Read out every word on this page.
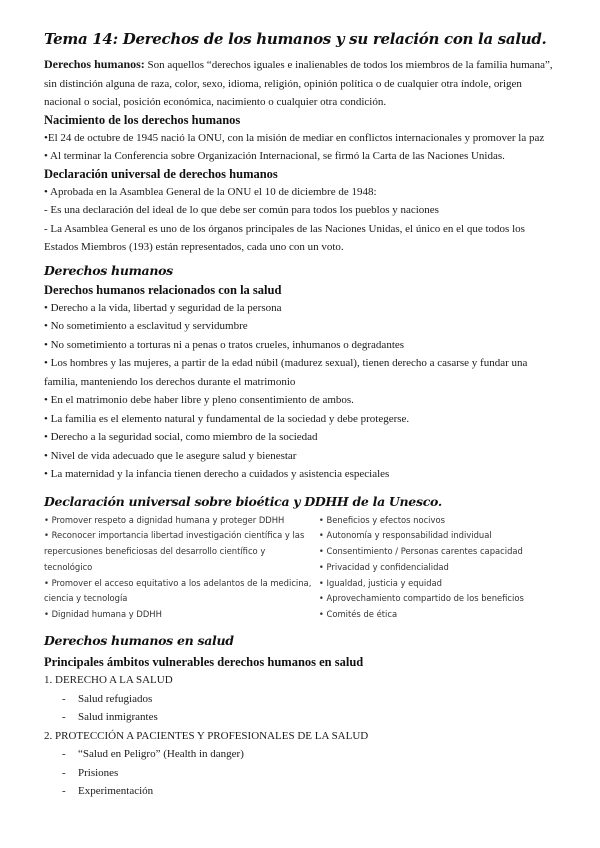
Tema 14: Derechos de los humanos y su relación con la salud.
Derechos humanos: Son aquellos “derechos iguales e inalienables de todos los miembros de la familia humana”, sin distinción alguna de raza, color, sexo, idioma, religión, opinión política o de cualquier otra índole, origen nacional o social, posición económica, nacimiento o cualquier otra condición.
Nacimiento de los derechos humanos
•El 24 de octubre de 1945 nació la ONU, con la misión de mediar en conflictos internacionales y promover la paz
• Al terminar la Conferencia sobre Organización Internacional, se firmó la Carta de las Naciones Unidas.
Declaración universal de derechos humanos
• Aprobada en la Asamblea General de la ONU el 10 de diciembre de 1948:
- Es una declaración del ideal de lo que debe ser común para todos los pueblos y naciones
- La Asamblea General es uno de los órganos principales de las Naciones Unidas, el único en el que todos los Estados Miembros (193) están representados, cada uno con un voto.
Derechos humanos
Derechos humanos relacionados con la salud
• Derecho a la vida, libertad y seguridad de la persona
• No sometimiento a esclavitud y servidumbre
• No sometimiento a torturas ni a penas o tratos crueles, inhumanos o degradantes
• Los hombres y las mujeres, a partir de la edad núbil (madurez sexual), tienen derecho a casarse y fundar una familia, manteniendo los derechos durante el matrimonio
• En el matrimonio debe haber libre y pleno consentimiento de ambos.
• La familia es el elemento natural y fundamental de la sociedad y debe protegerse.
• Derecho a la seguridad social, como miembro de la sociedad
• Nivel de vida adecuado que le asegure salud y bienestar
• La maternidad y la infancia tienen derecho a cuidados y asistencia especiales
Declaración universal sobre bioética y DDHH de la Unesco.
• Promover respeto a dignidad humana y proteger DDHH
• Reconocer importancia libertad investigación científica y las repercusiones beneficiosas del desarrollo científico y tecnológico
• Promover el acceso equitativo a los adelantos de la medicina, ciencia y tecnología
• Dignidad humana y DDHH
• Beneficios y efectos nocivos
• Autonomía y responsabilidad individual
• Consentimiento / Personas carentes capacidad
• Privacidad y confidencialidad
• Igualdad, justicia y equidad
• Aprovechamiento compartido de los beneficios
• Comités de ética
Derechos humanos en salud
Principales ámbitos vulnerables derechos humanos en salud
1. DERECHO A LA SALUD
- Salud refugiados
- Salud inmigrantes
2. PROTECCIÓN A PACIENTES Y PROFESIONALES DE LA SALUD
- “Salud en Peligro” (Health in danger)
- Prisiones
- Experimentación
